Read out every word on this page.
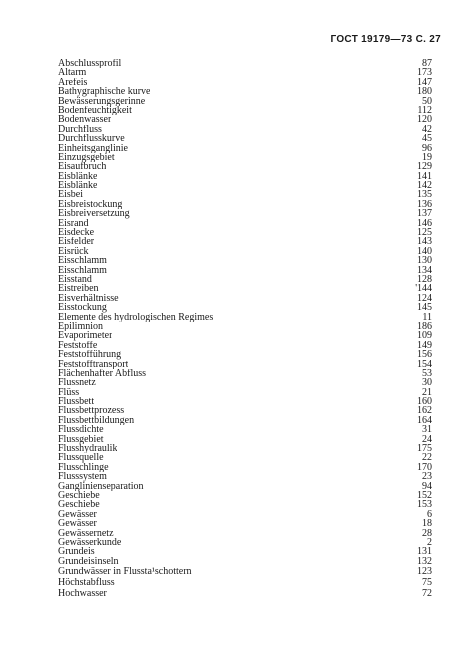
ГОСТ 19179—73 С. 27
Abschlussprofil	87
Altarm	173
Arefeis	147
Bathygraphische kurve	180
Bewässerungsgerinne	50
Bodenfeuchtigkeit	112
Bodenwasser	120
Durchfluss	42
Durchflusskurve	45
Einheitsganglinie	96
Einzugsgebiet	19
Eisaufbruch	129
Eisblänke	141
Eisblänke	142
Eisbei	135
Eisbreistockung	136
Eisbreiversetzung	137
Eisrand	146
Eisdecke	125
Eisfelder	143
Eisrück	140
Eisschlamm	130
Eisschlamm	134
Eisstand	128
Eistreiben	'144
Eisverhältnisse	124
Eisstockung	145
Elemente des hydrologischen Regimes	11
Epilimnion	186
Evaporimeter	109
Feststoffe	149
Feststofführung	156
Feststofftransport	154
Flächenhafter Abfluss	53
Flussnetz	30
Flüss	21
Flussbett	160
Flussbettprozess	162
Flussbettbildungen	164
Flussdichte	31
Flussgebiet	24
Flusshydraulik	175
Flussquelle	22
Flusschlinge	170
Flusssystem	23
Ganglinienseparation	94
Geschiebe	152
Geschiebe	153
Gewässer	6
Gewässer	18
Gewässernetz	28
Gewässerkunde	2
Grundeis	131
Grundeisinseln	132
Grundwässer in Flussta¹schottern	123
Höchstabfluss	75
Hochwasser	72
